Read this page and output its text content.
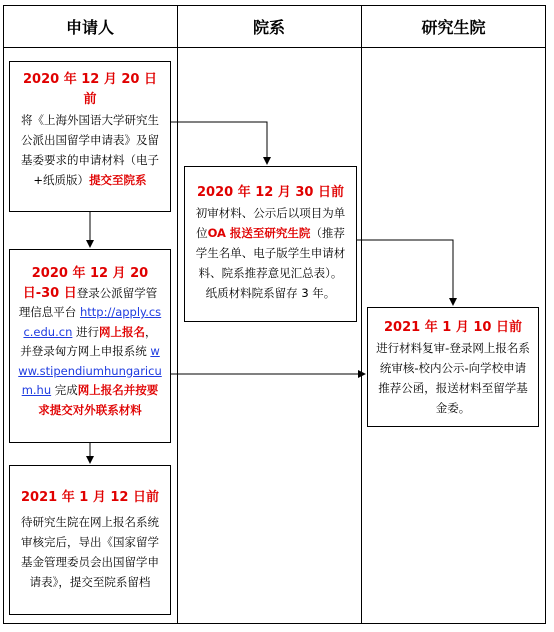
申请人	院系	研究生院
2020 年 12 月 20 日前
将《上海外国语大学研究生公派出国留学申请表》及留基委要求的申请材料（电子+纸质版）提交至院系
2020 年 12 月 20 日-30 日登录公派留学管理信息平台 http://apply.csc.edu.cn 进行网上报名，并登录匈方网上申报系统 www.stipendiumhungaricum.hu 完成网上报名并按要求提交对外联系材料
2021 年 1 月 12 日前
待研究生院在网上报名系统审核完后，导出《国家留学基金管理委员会出国留学申请表》，提交至院系留档
2020 年 12 月 30 日前
初审材料、公示后以项目为单位OA 报送至研究生院（推荐学生名单、电子版学生申请材料、院系推荐意见汇总表）。纸质材料院系留存 3 年。
2021 年 1 月 10 日前
进行材料复审-登录网上报名系统审核-校内公示-向学校申请推荐公函，报送材料至留学基金委。
